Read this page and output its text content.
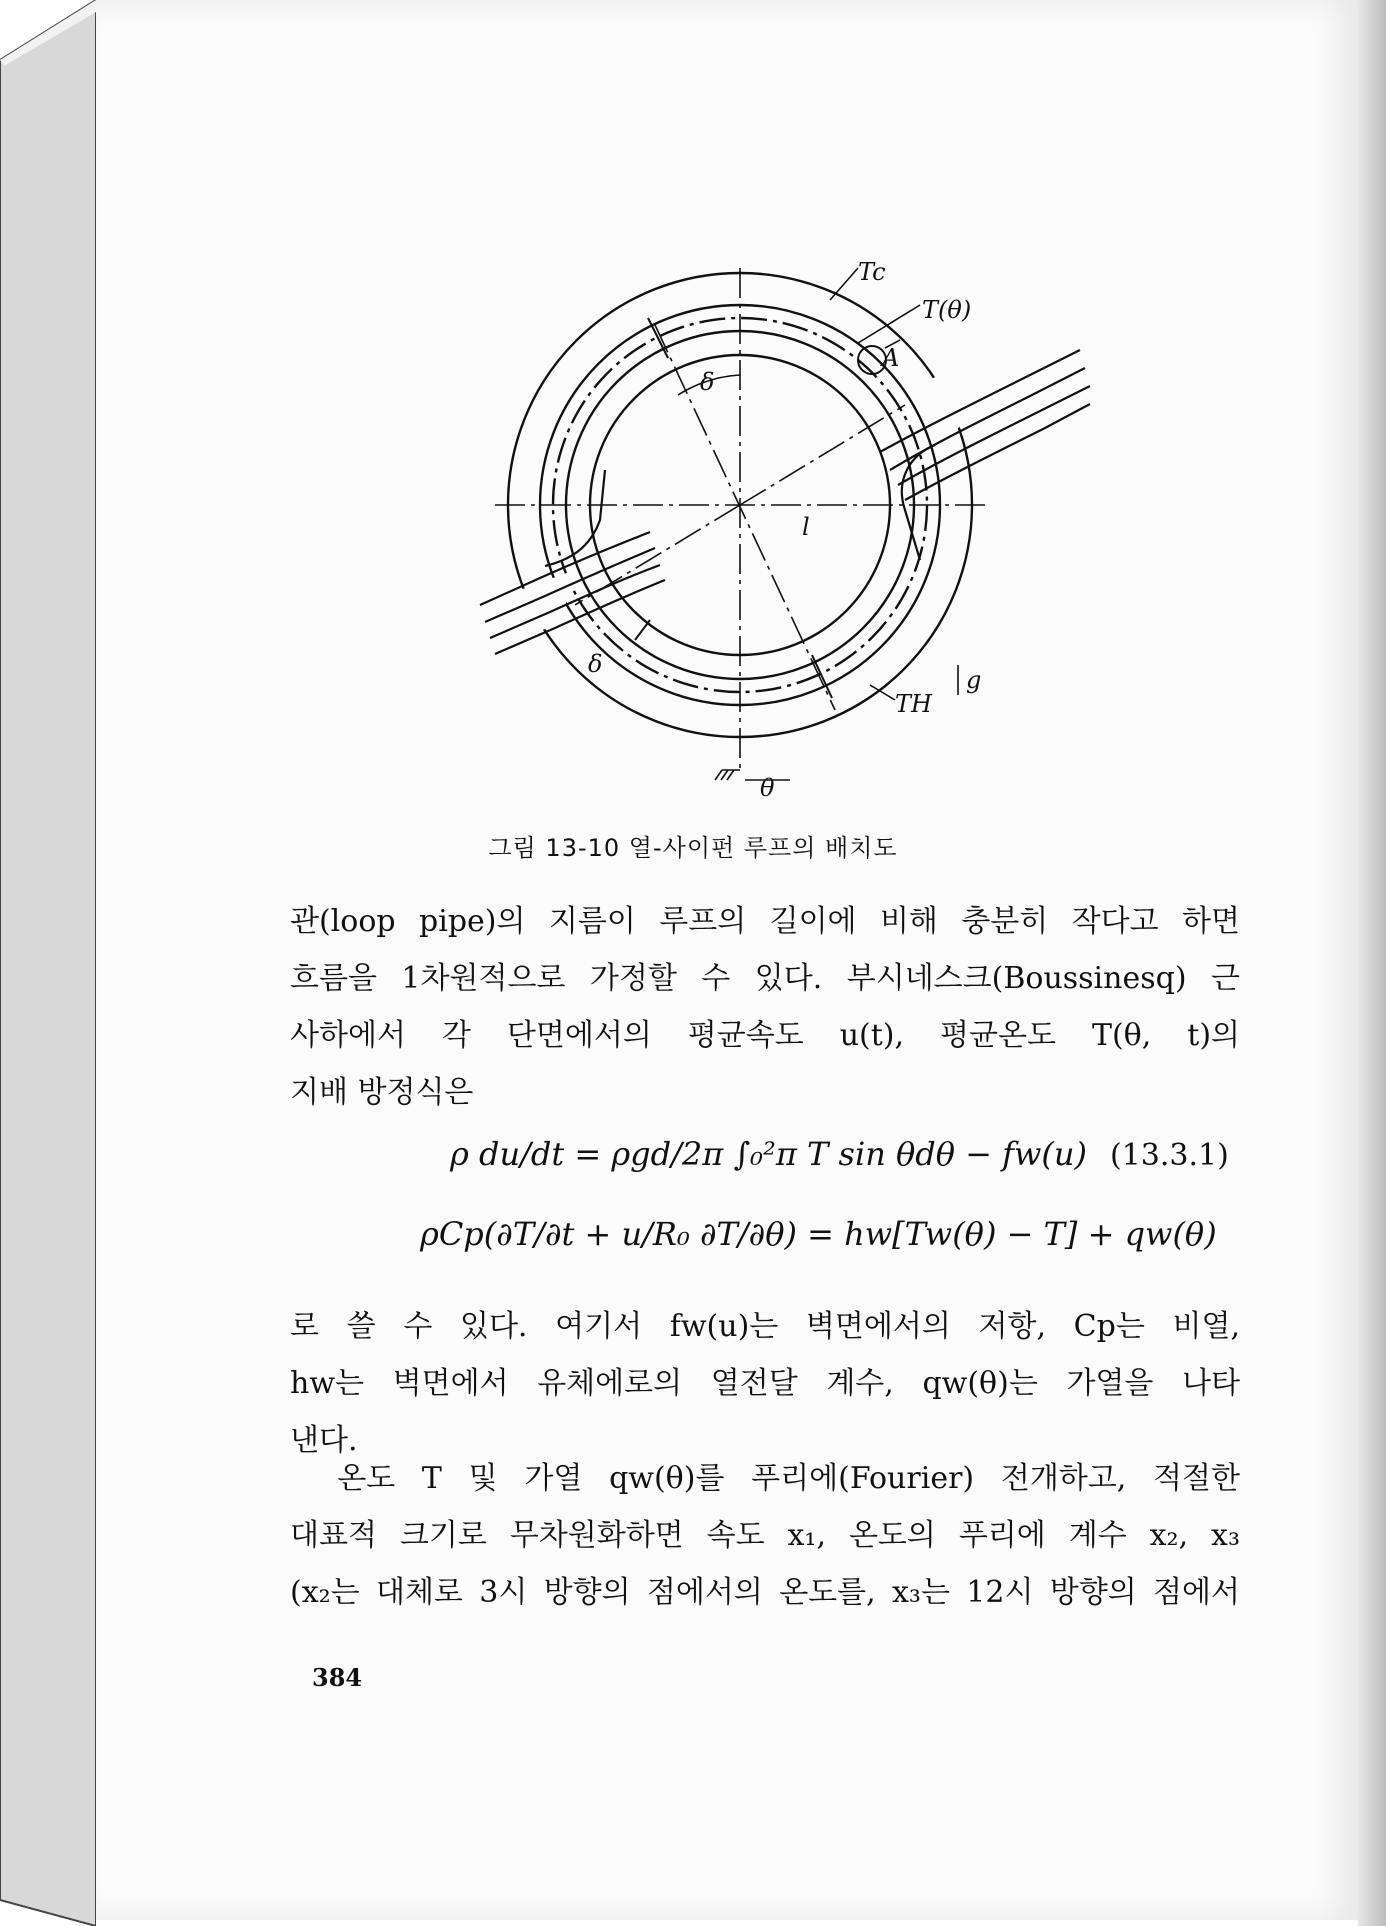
Tc
T(θ)
A
δ
δ
l
TH
g
θ
그림 13-10 열-사이펀 루프의 배치도
관(loop pipe)의 지름이 루프의 길이에 비해 충분히 작다고 하면
흐름을 1차원적으로 가정할 수 있다. 부시네스크(Boussinesq) 근
사하에서 각 단면에서의 평균속도 u(t), 평균온도 T(θ, t)의
지배 방정식은
ρ du/dt = ρgd/2π ∫₀²π T sin θdθ − fw(u) (13.3.1)
ρCp(∂T/∂t + u/R₀ ∂T/∂θ) = hw[Tw(θ) − T] + qw(θ)
로 쓸 수 있다. 여기서 fw(u)는 벽면에서의 저항, Cp는 비열,
hw는 벽면에서 유체에로의 열전달 계수, qw(θ)는 가열을 나타
낸다.
　온도 T 및 가열 qw(θ)를 푸리에(Fourier) 전개하고, 적절한
대표적 크기로 무차원화하면 속도 x₁, 온도의 푸리에 계수 x₂, x₃
(x₂는 대체로 3시 방향의 점에서의 온도를, x₃는 12시 방향의 점에서
384
